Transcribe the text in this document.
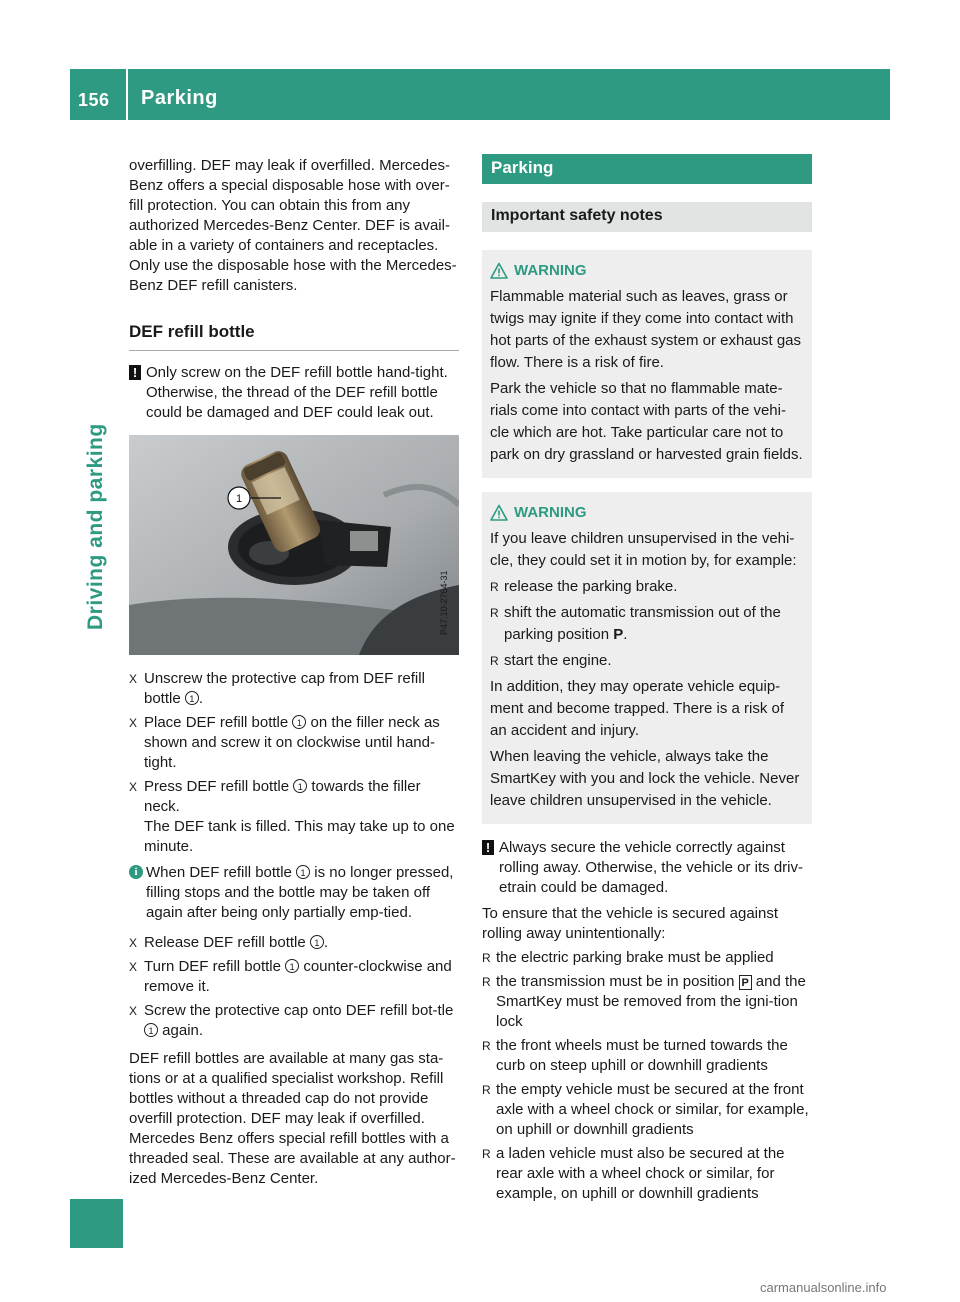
156 Parking
Driving and parking

overfilling. DEF may leak if overfilled. Mercedes-Benz offers a special disposable hose with over-fill protection. You can obtain this from any authorized Mercedes-Benz Center. DEF is avail-able in a variety of containers and receptacles. Only use the disposable hose with the Mercedes-Benz DEF refill canisters.

DEF refill bottle
! Only screw on the DEF refill bottle hand-tight. Otherwise, the thread of the DEF refill bottle could be damaged and DEF could leak out.
1
P47.10-2764-31
X Unscrew the protective cap from DEF refill bottle 1 .
X Place DEF refill bottle 1 on the filler neck as shown and screw it on clockwise until hand-tight.
X Press DEF refill bottle 1 towards the filler neck.
The DEF tank is filled. This may take up to one minute.
i When DEF refill bottle 1 is no longer pressed, filling stops and the bottle may be taken off again after being only partially emp-tied.
X Release DEF refill bottle 1 .
X Turn DEF refill bottle 1 counter-clockwise and remove it.
X Screw the protective cap onto DEF refill bot-tle 1 again.

DEF refill bottles are available at many gas sta-tions or at a qualified specialist workshop. Refill bottles without a threaded cap do not provide overfill protection. DEF may leak if overfilled. Mercedes Benz offers special refill bottles with a threaded seal. These are available at any author-ized Mercedes-Benz Center.

Parking
Important safety notes
WARNING

Flammable material such as leaves, grass or twigs may ignite if they come into contact with hot parts of the exhaust system or exhaust gas flow. There is a risk of fire.

Park the vehicle so that no flammable mate-rials come into contact with parts of the vehi-cle which are hot. Take particular care not to park on dry grassland or harvested grain fields.

WARNING

If you leave children unsupervised in the vehi-cle, they could set it in motion by, for example:

R release the parking brake.
R shift the automatic transmission out of the parking position P.
R start the engine.

In addition, they may operate vehicle equip-ment and become trapped. There is a risk of an accident and injury.

When leaving the vehicle, always take the SmartKey with you and lock the vehicle. Never leave children unsupervised in the vehicle.

! Always secure the vehicle correctly against rolling away. Otherwise, the vehicle or its driv-etrain could be damaged.

To ensure that the vehicle is secured against rolling away unintentionally:

R the electric parking brake must be applied
R the transmission must be in position P and the SmartKey must be removed from the igni-tion lock
R the front wheels must be turned towards the curb on steep uphill or downhill gradients
R the empty vehicle must be secured at the front axle with a wheel chock or similar, for example, on uphill or downhill gradients
R a laden vehicle must also be secured at the rear axle with a wheel chock or similar, for example, on uphill or downhill gradients
carmanualsonline.info
